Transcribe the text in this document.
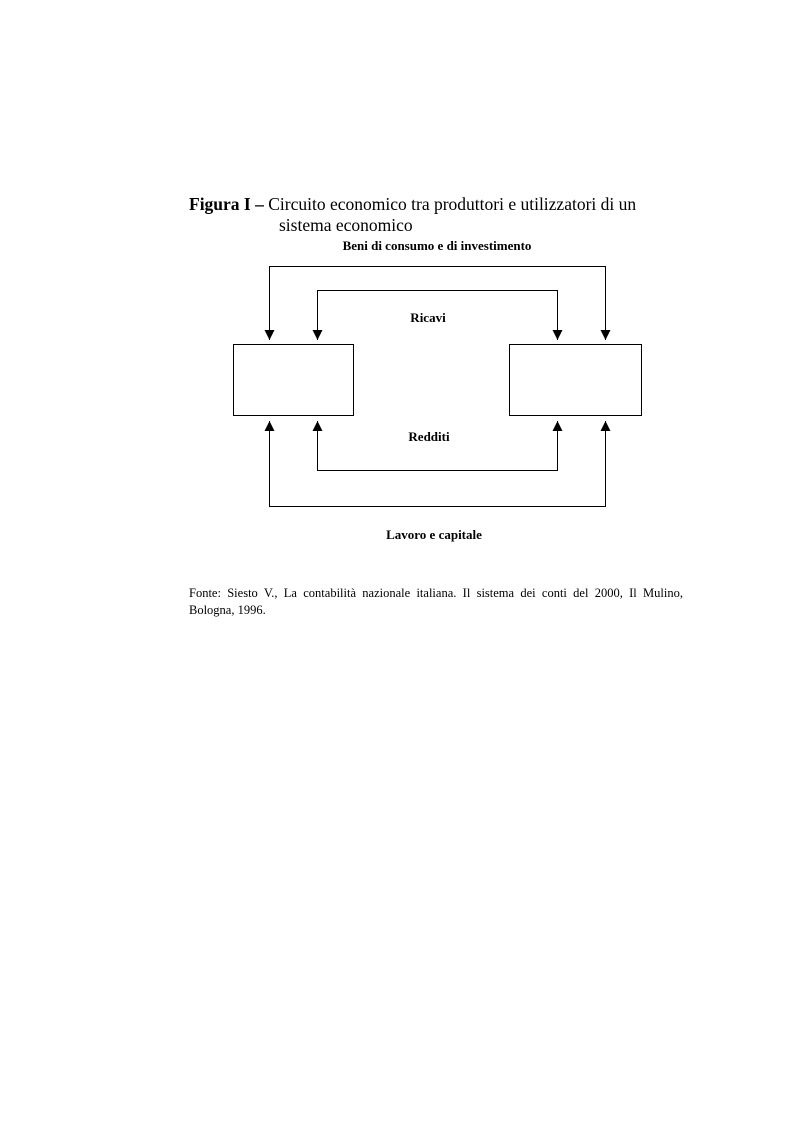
Figura I – Circuito economico tra produttori e utilizzatori di un
sistema economico
Beni di consumo e di investimento
Ricavi
Redditi
Lavoro e capitale
Fonte: Siesto V., La contabilità nazionale italiana. Il sistema dei conti del 2000, Il Mulino, Bologna, 1996.
